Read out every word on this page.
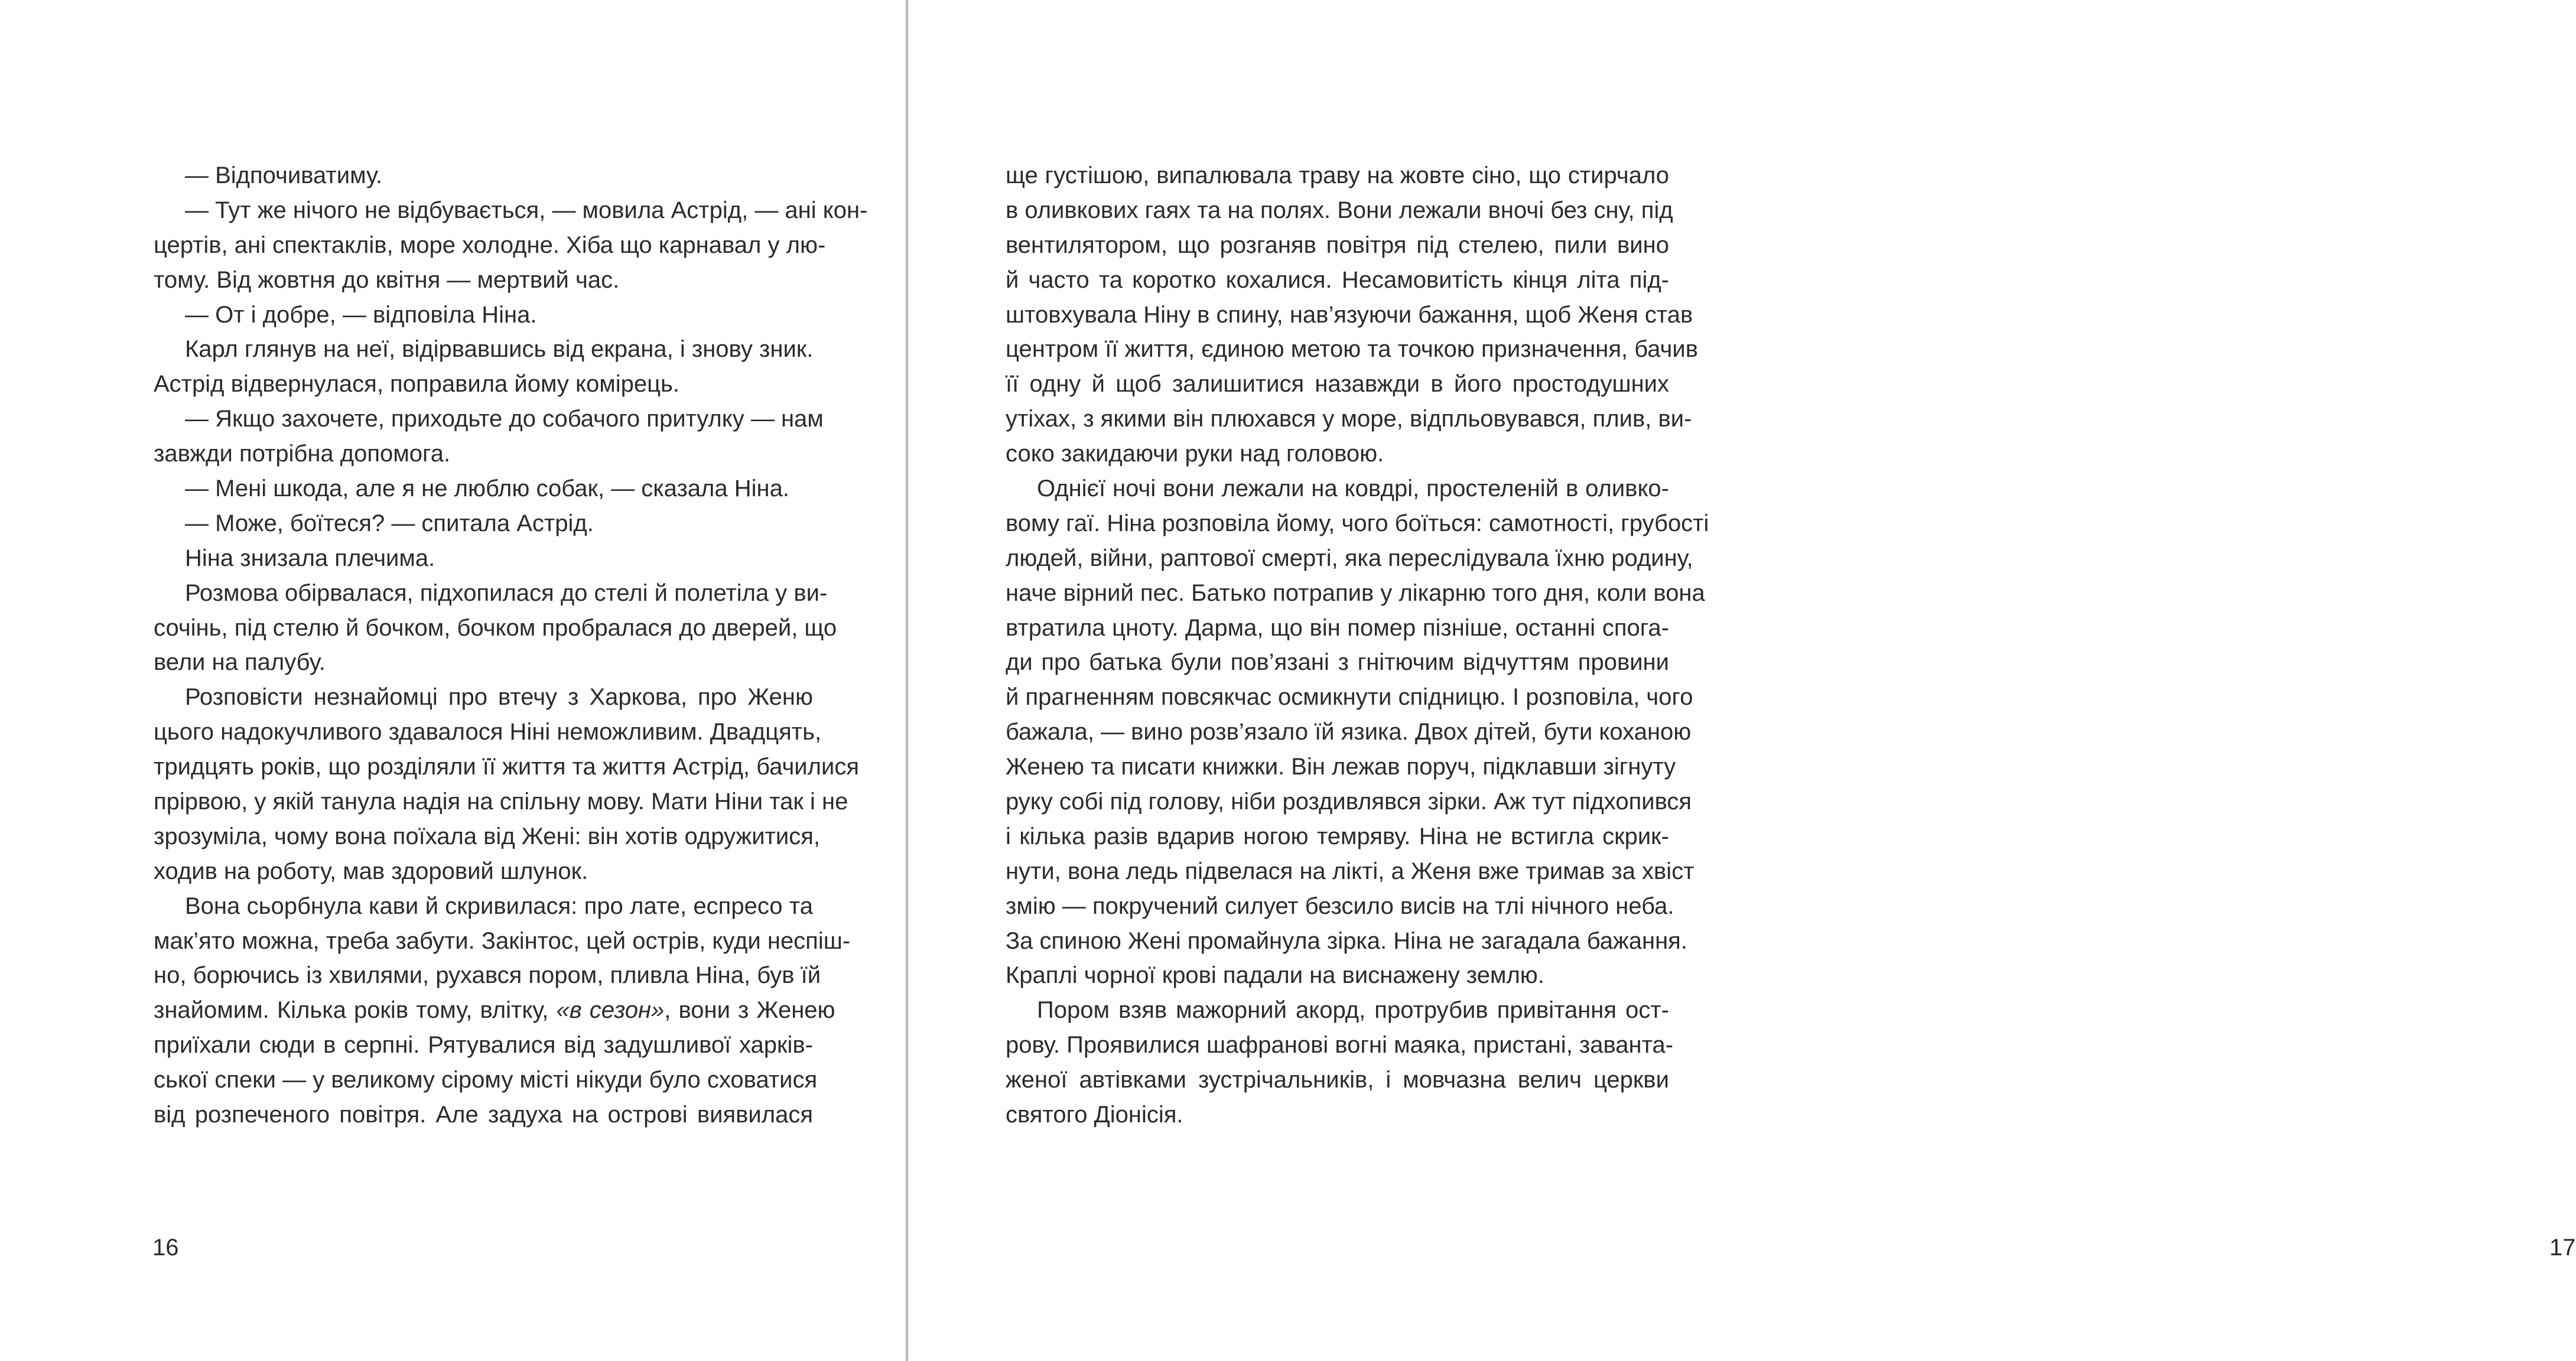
— Відпочиватиму.
— Тут же нічого не відбувається, — мовила Астрід, — ані кон-
цертів, ані спектаклів, море холодне. Хіба що карнавал у лю-
тому. Від жовтня до квітня — мертвий час.
— От і добре, — відповіла Ніна.
Карл глянув на неї, відірвавшись від екрана, і знову зник.
Астрід відвернулася, поправила йому комірець.
— Якщо захочете, приходьте до собачого притулку — нам
завжди потрібна допомога.
— Мені шкода, але я не люблю собак, — сказала Ніна.
— Може, боїтеся? — спитала Астрід.
Ніна знизала плечима.
Розмова обірвалася, підхопилася до стелі й полетіла у ви-
сочінь, під стелю й бочком, бочком пробралася до дверей, що
вели на палубу.
Розповісти незнайомці про втечу з Харкова, про Женю
цього надокучливого здавалося Ніні неможливим. Двадцять,
тридцять років, що розділяли її життя та життя Астрід, бачилися
прірвою, у якій танула надія на спільну мову. Мати Ніни так і не
зрозуміла, чому вона поїхала від Жені: він хотів одружитися,
ходив на роботу, мав здоровий шлунок.
Вона сьорбнула кави й скривилася: про лате, еспресо та
мак’ято можна, треба забути. Закінтос, цей острів, куди неспіш-
но, борючись із хвилями, рухався пором, пливла Ніна, був їй
знайомим. Кілька років тому, влітку, «в сезон», вони з Женею
приїхали сюди в серпні. Рятувалися від задушливої харків-
ської спеки — у великому сірому місті нікуди було сховатися
від розпеченого повітря. Але задуха на острові виявилася
16
ще густішою, випалювала траву на жовте сіно, що стирчало
в оливкових гаях та на полях. Вони лежали вночі без сну, під
вентилятором, що розганяв повітря під стелею, пили вино
й часто та коротко кохалися. Несамовитість кінця літа під-
штовхувала Ніну в спину, нав’язуючи бажання, щоб Женя став
центром її життя, єдиною метою та точкою призначення, бачив
її одну й щоб залишитися назавжди в його простодушних
утіхах, з якими він плюхався у море, відпльовувався, плив, ви-
соко закидаючи руки над головою.
Однієї ночі вони лежали на ковдрі, простеленій в оливко-
вому гаї. Ніна розповіла йому, чого боїться: самотності, грубості
людей, війни, раптової смерті, яка переслідувала їхню родину,
наче вірний пес. Батько потрапив у лікарню того дня, коли вона
втратила цноту. Дарма, що він помер пізніше, останні спога-
ди про батька були пов’язані з гнітючим відчуттям провини
й прагненням повсякчас осмикнути спідницю. І розповіла, чого
бажала, — вино розв’язало їй язика. Двох дітей, бути коханою
Женею та писати книжки. Він лежав поруч, підклавши зігнуту
руку собі під голову, ніби роздивлявся зірки. Аж тут підхопився
і кілька разів вдарив ногою темряву. Ніна не встигла скрик-
нути, вона ледь підвелася на лікті, а Женя вже тримав за хвіст
змію — покручений силует безсило висів на тлі нічного неба.
За спиною Жені промайнула зірка. Ніна не загадала бажання.
Краплі чорної крові падали на виснажену землю.
Пором взяв мажорний акорд, протрубив привітання ост-
рову. Проявилися шафранові вогні маяка, пристані, заванта-
женої автівками зустрічальників, і мовчазна велич церкви
святого Діонісія.
17
